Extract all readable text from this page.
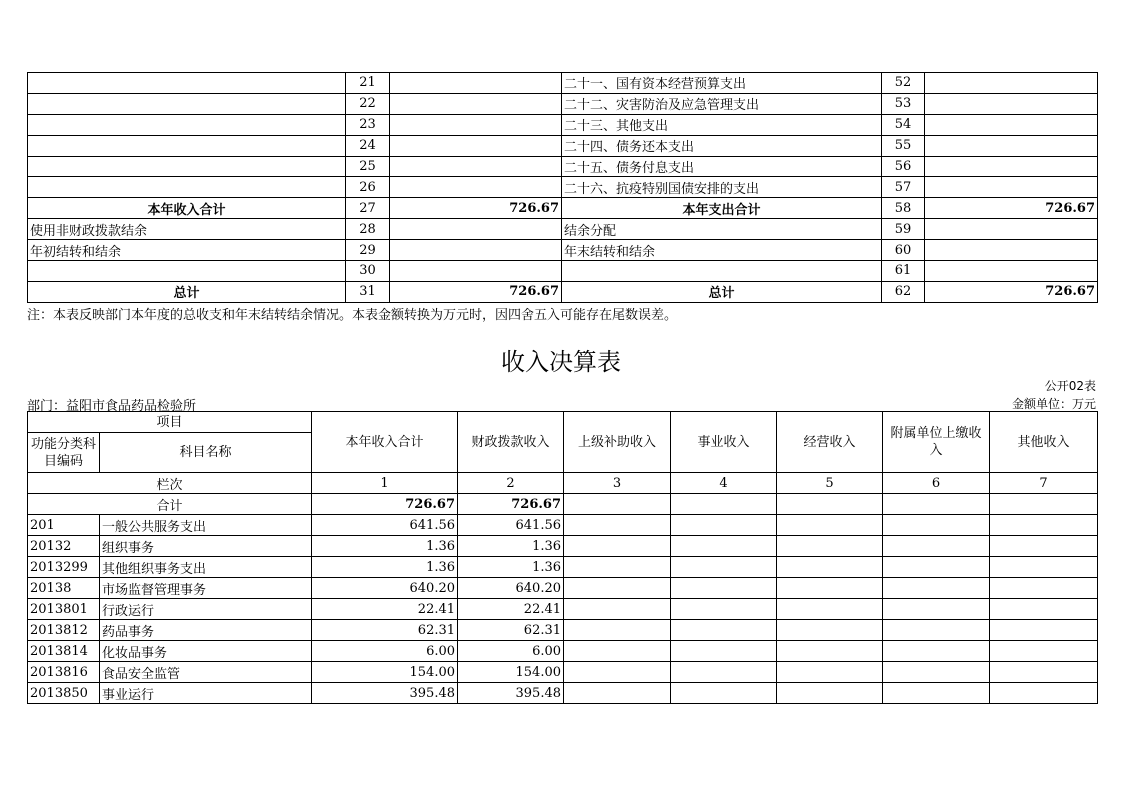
	21		二十一、国有资本经营预算支出	52	
	22		二十二、灾害防治及应急管理支出	53	
	23		二十三、其他支出	54	
	24		二十四、债务还本支出	55	
	25		二十五、债务付息支出	56	
	26		二十六、抗疫特别国债安排的支出	57	
本年收入合计	27	726.67	本年支出合计	58	726.67
使用非财政拨款结余	28		结余分配	59	
年初结转和结余	29		年末结转和结余	60	
	30			61	
总计	31	726.67	总计	62	726.67
注：本表反映部门本年度的总收支和年末结转结余情况。本表金额转换为万元时，因四舍五入可能存在尾数误差。
收入决算表
公开02表
部门：益阳市食品药品检验所	金额单位：万元
项目		本年收入合计	财政拨款收入	上级补助收入	事业收入	经营收入	附属单位上缴收入	其他收入
功能分类科目编码	科目名称							
栏次		1	2	3	4	5	6	7
合计		726.67	726.67					
201	一般公共服务支出	641.56	641.56					
20132	组织事务	1.36	1.36					
2013299	其他组织事务支出	1.36	1.36					
20138	市场监督管理事务	640.20	640.20					
2013801	行政运行	22.41	22.41					
2013812	药品事务	62.31	62.31					
2013814	化妆品事务	6.00	6.00					
2013816	食品安全监管	154.00	154.00					
2013850	事业运行	395.48	395.48					
